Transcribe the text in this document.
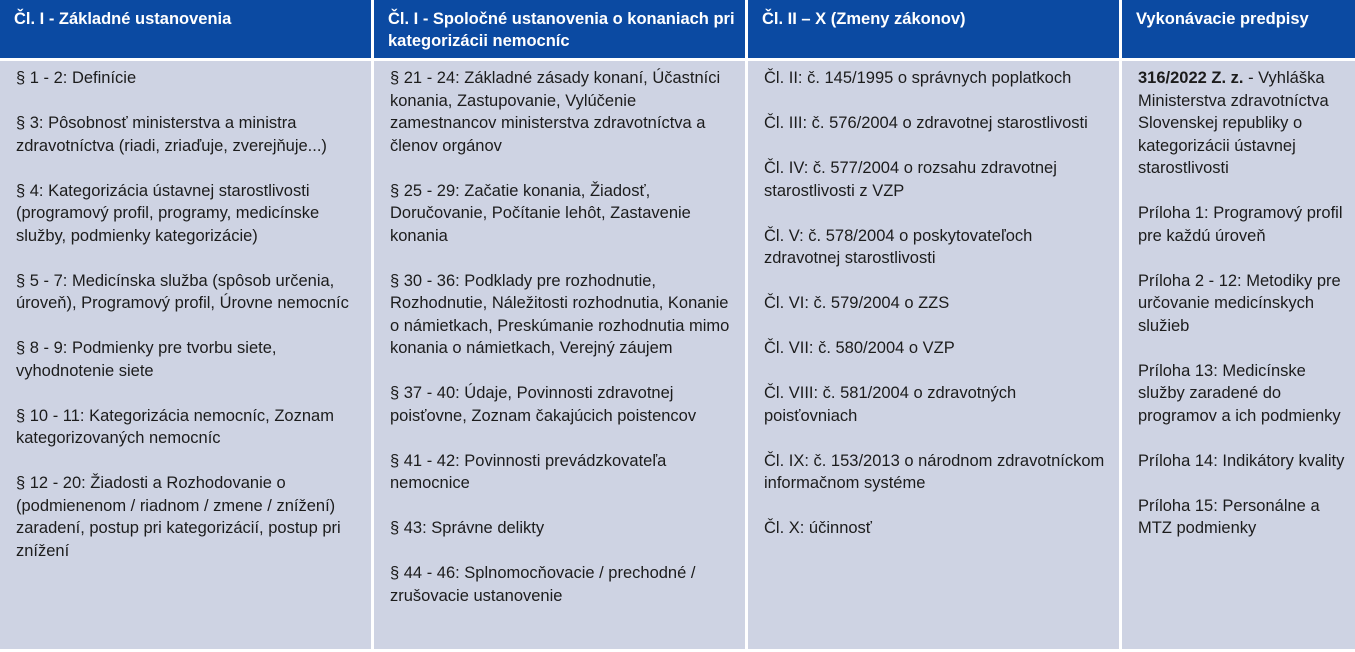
Čl. I - Základné ustanovenia	Čl. I - Spoločné ustanovenia o konaniach pri kategorizácii nemocníc
Čl. II – X (Zmeny zákonov)	Vykonávacie predpisy
§ 1 - 2: Definície
§ 3: Pôsobnosť ministerstva a ministra zdravotníctva (riadi, zriaďuje, zverejňuje...)
§ 4: Kategorizácia ústavnej starostlivosti (programový profil, programy, medicínske služby, podmienky kategorizácie)
§ 5 - 7: Medicínska služba (spôsob určenia, úroveň), Programový profil, Úrovne nemocníc
§ 8 - 9: Podmienky pre tvorbu siete, vyhodnotenie siete
§ 10 - 11: Kategorizácia nemocníc, Zoznam kategorizovaných nemocníc
§ 12 - 20: Žiadosti a Rozhodovanie o (podmienenom / riadnom / zmene / znížení) zaradení, postup pri kategorizácií, postup pri znížení
§ 21 - 24: Základné zásady konaní, Účastníci konania, Zastupovanie, Vylúčenie zamestnancov ministerstva zdravotníctva a členov orgánov
§ 25 - 29: Začatie konania, Žiadosť, Doručovanie, Počítanie lehôt, Zastavenie konania
§ 30 - 36: Podklady pre rozhodnutie, Rozhodnutie, Náležitosti rozhodnutia, Konanie o námietkach, Preskúmanie rozhodnutia mimo konania o námietkach, Verejný záujem
§ 37 - 40: Údaje, Povinnosti zdravotnej poisťovne, Zoznam čakajúcich poistencov
§ 41 - 42: Povinnosti prevádzkovateľa nemocnice
§ 43: Správne delikty
§ 44 - 46: Splnomocňovacie / prechodné / zrušovacie ustanovenie
Čl. II: č. 145/1995 o správnych poplatkoch
Čl. III: č. 576/2004 o zdravotnej starostlivosti
Čl. IV: č. 577/2004 o rozsahu zdravotnej starostlivosti z VZP
Čl. V: č. 578/2004 o poskytovateľoch zdravotnej starostlivosti
Čl. VI: č. 579/2004 o ZZS
Čl. VII: č. 580/2004 o VZP
Čl. VIII: č. 581/2004 o zdravotných poisťovniach
Čl. IX: č. 153/2013 o národnom zdravotníckom informačnom systéme
Čl. X: účinnosť
316/2022 Z. z. - Vyhláška Ministerstva zdravotníctva Slovenskej republiky o kategorizácii ústavnej starostlivosti
Príloha 1: Programový profil pre každú úroveň
Príloha 2 - 12: Metodiky pre určovanie medicínskych služieb
Príloha 13: Medicínske služby zaradené do programov a ich podmienky
Príloha 14: Indikátory kvality
Príloha 15: Personálne a MTZ podmienky
